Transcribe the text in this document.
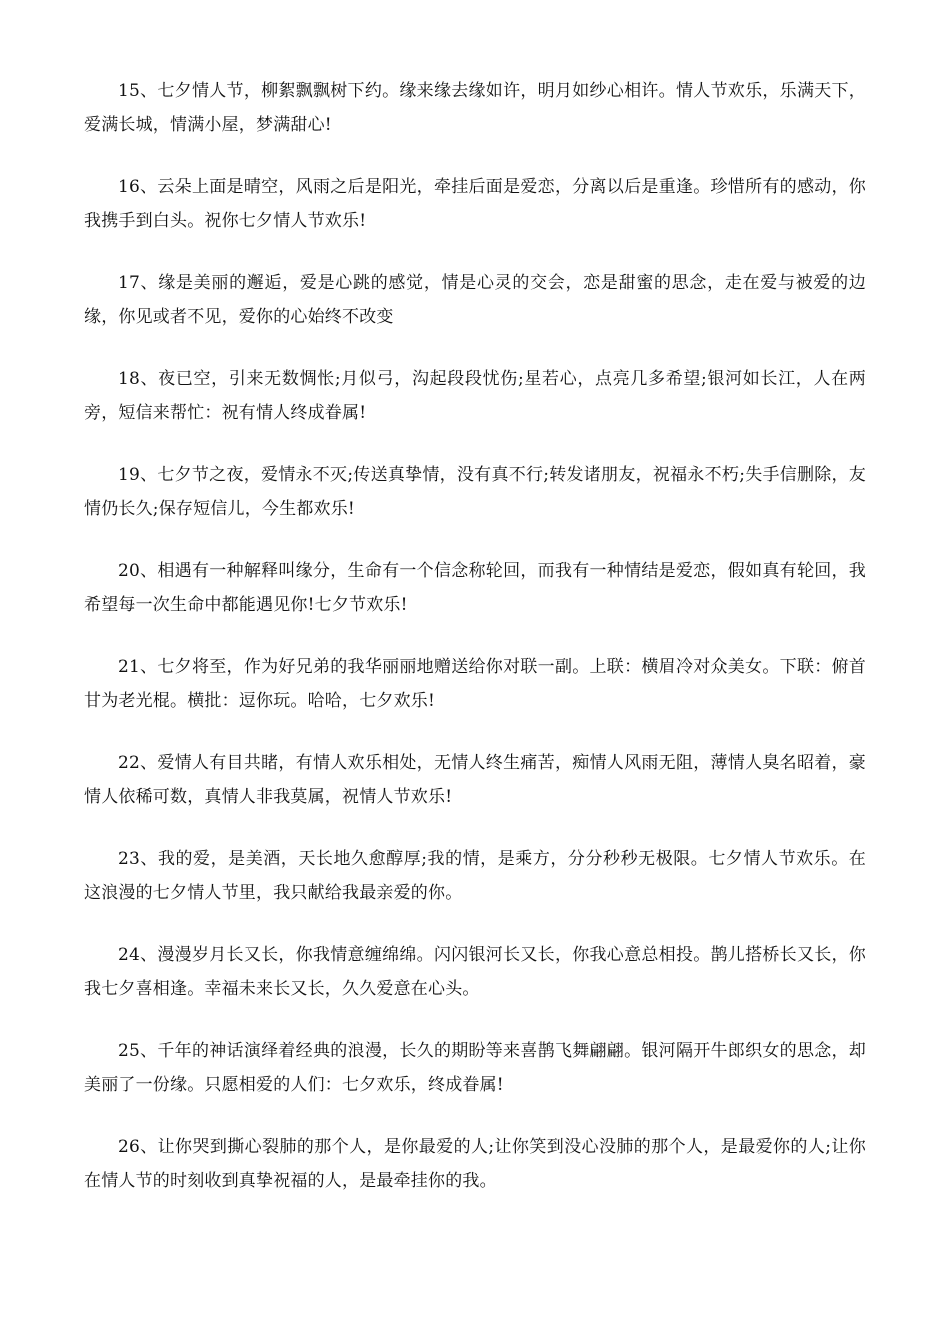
15、七夕情人节，柳絮飘飘树下约。缘来缘去缘如许，明月如纱心相许。情人节欢乐，乐满天下，爱满长城，情满小屋，梦满甜心!

16、云朵上面是晴空，风雨之后是阳光，牵挂后面是爱恋，分离以后是重逢。珍惜所有的感动，你我携手到白头。祝你七夕情人节欢乐!

17、缘是美丽的邂逅，爱是心跳的感觉，情是心灵的交会，恋是甜蜜的思念，走在爱与被爱的边缘，你见或者不见，爱你的心始终不改变

18、夜已空，引来无数惆怅;月似弓，沟起段段忧伤;星若心，点亮几多希望;银河如长江，人在两旁，短信来帮忙：祝有情人终成眷属!

19、七夕节之夜，爱情永不灭;传送真挚情，没有真不行;转发诸朋友，祝福永不朽;失手信删除，友情仍长久;保存短信儿，今生都欢乐!

20、相遇有一种解释叫缘分，生命有一个信念称轮回，而我有一种情结是爱恋，假如真有轮回，我希望每一次生命中都能遇见你!七夕节欢乐!

21、七夕将至，作为好兄弟的我华丽丽地赠送给你对联一副。上联：横眉冷对众美女。下联：俯首甘为老光棍。横批：逗你玩。哈哈，七夕欢乐!

22、爱情人有目共睹，有情人欢乐相处，无情人终生痛苦，痴情人风雨无阻，薄情人臭名昭着，豪情人依稀可数，真情人非我莫属，祝情人节欢乐!

23、我的爱，是美酒，天长地久愈醇厚;我的情，是乘方，分分秒秒无极限。七夕情人节欢乐。在这浪漫的七夕情人节里，我只献给我最亲爱的你。

24、漫漫岁月长又长，你我情意缠绵绵。闪闪银河长又长，你我心意总相投。鹊儿搭桥长又长，你我七夕喜相逢。幸福未来长又长，久久爱意在心头。

25、千年的神话演绎着经典的浪漫，长久的期盼等来喜鹊飞舞翩翩。银河隔开牛郎织女的思念，却美丽了一份缘。只愿相爱的人们：七夕欢乐，终成眷属!

26、让你哭到撕心裂肺的那个人，是你最爱的人;让你笑到没心没肺的那个人，是最爱你的人;让你在情人节的时刻收到真挚祝福的人，是最牵挂你的我。
